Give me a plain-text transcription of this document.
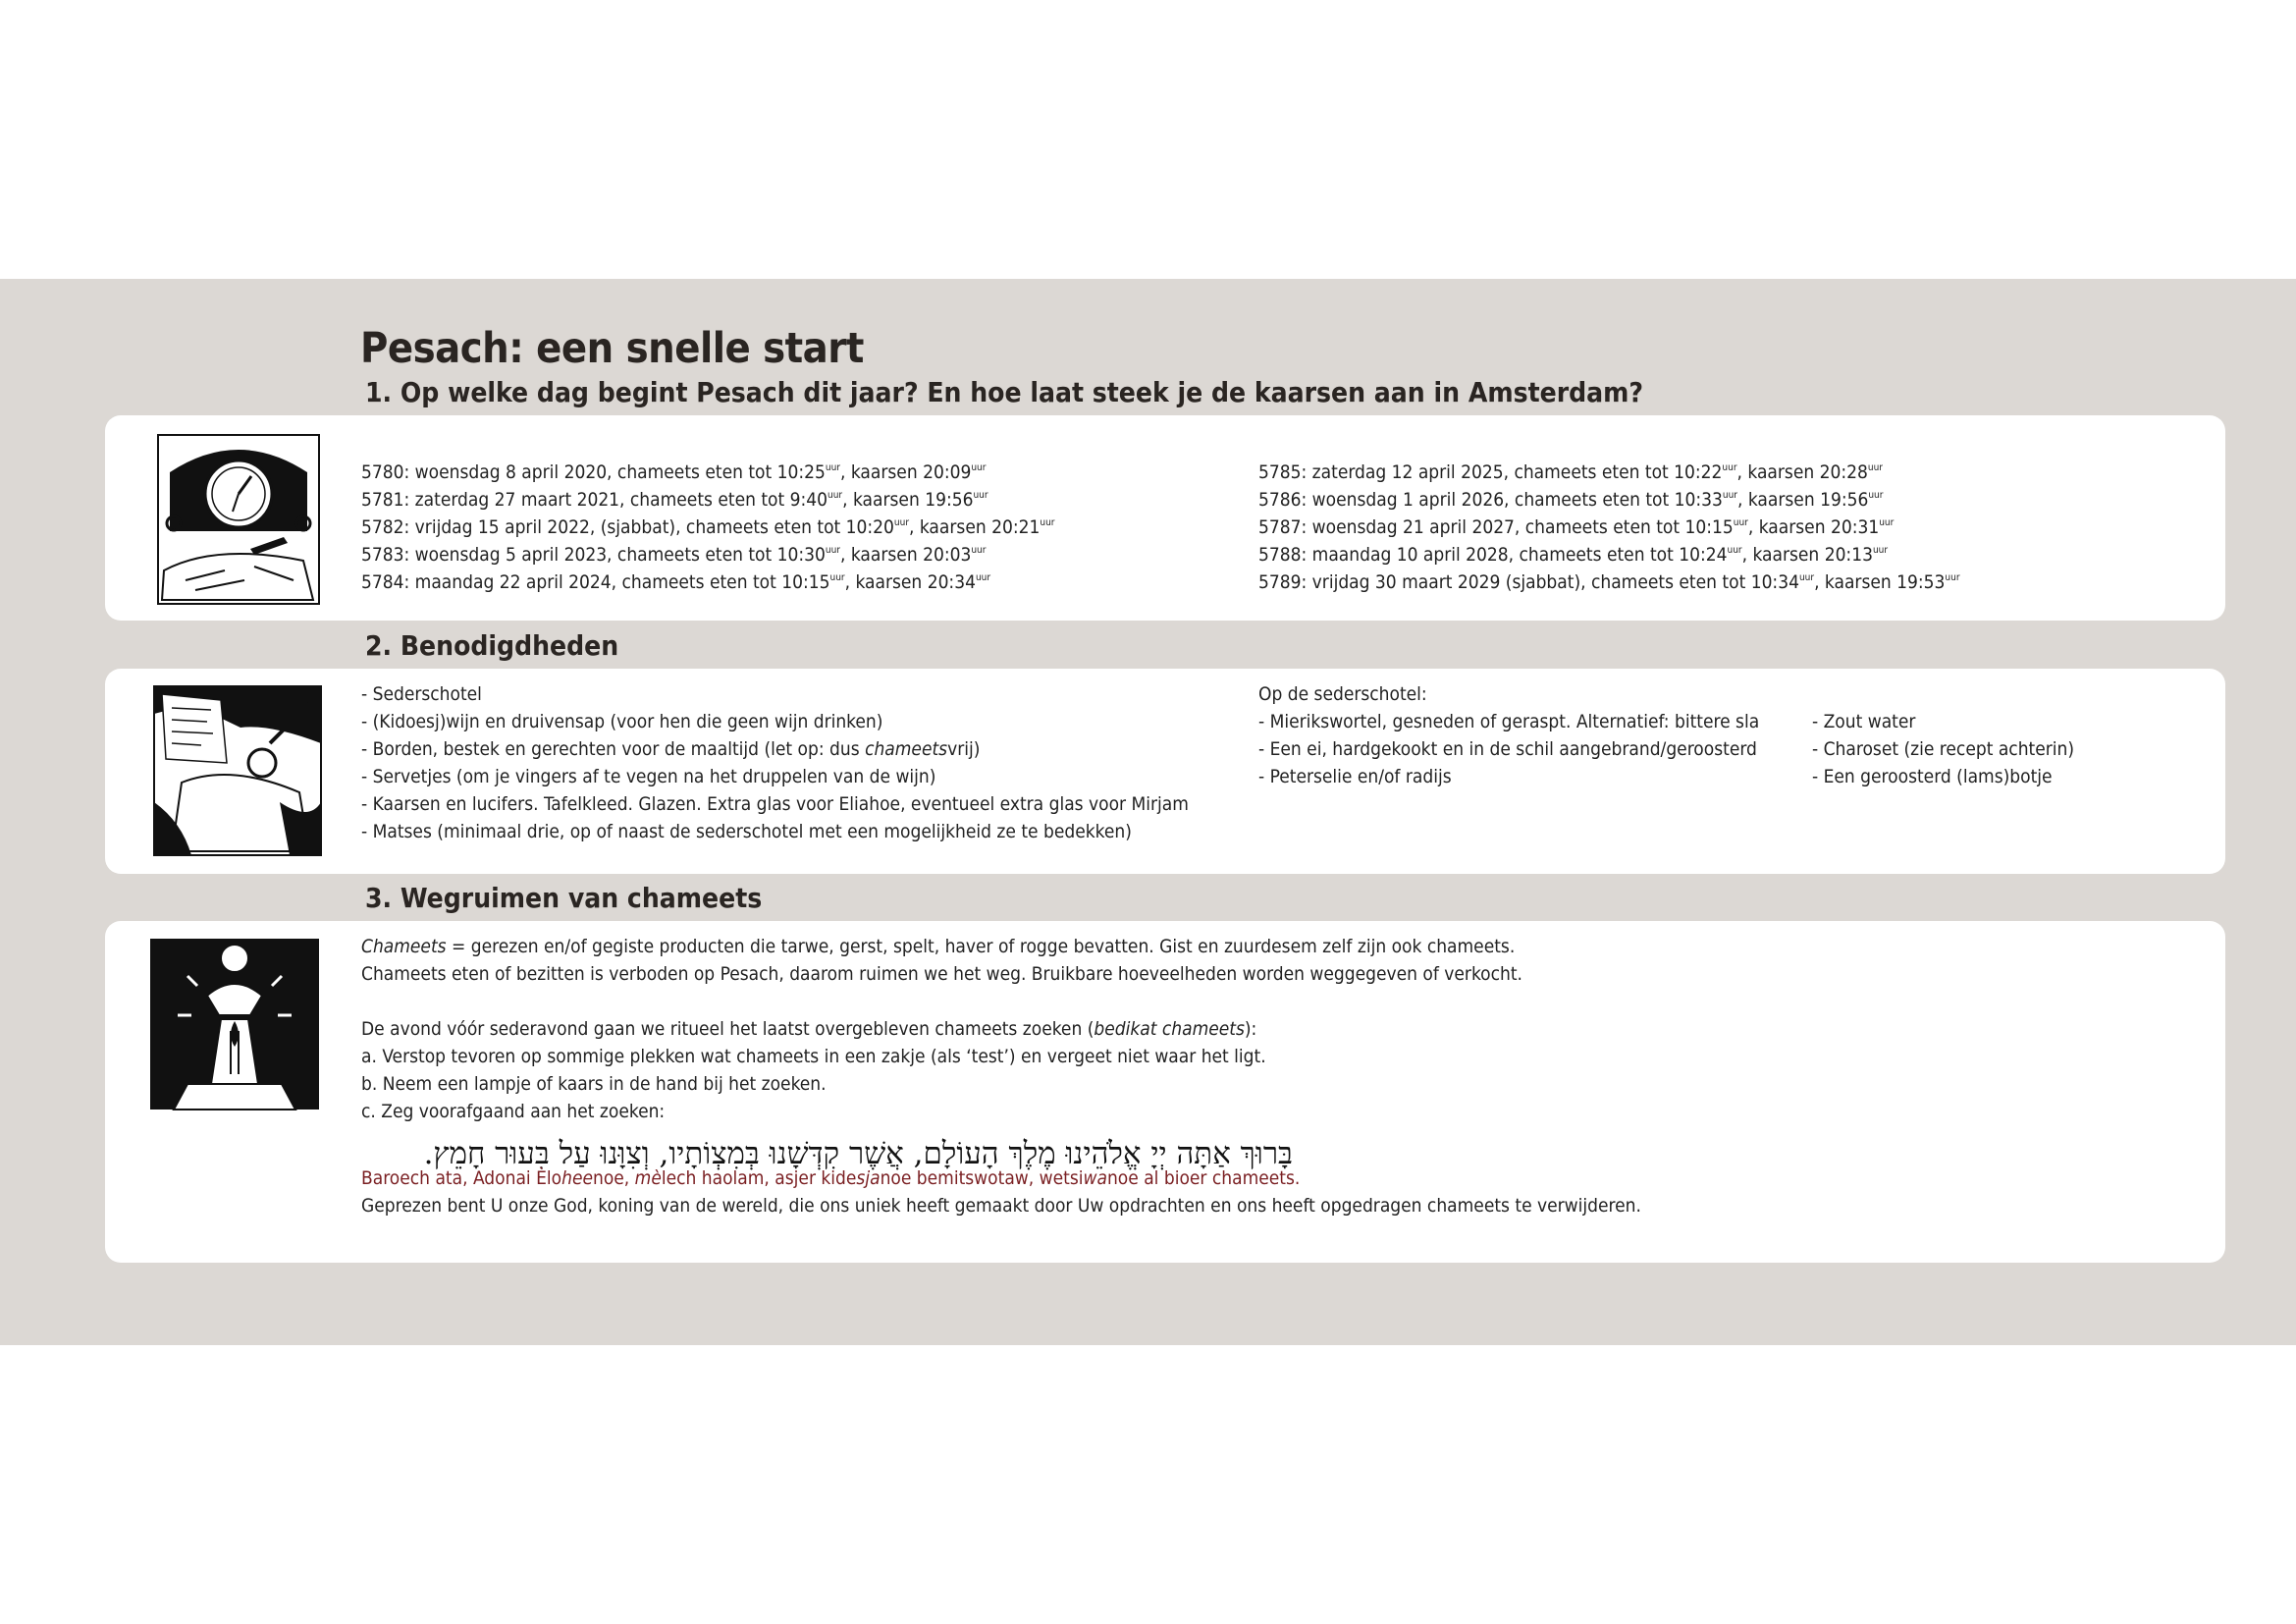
Pesach: een snelle start
1. Op welke dag begint Pesach dit jaar? En hoe laat steek je de kaarsen aan in Amsterdam?
5780: woensdag 8 april 2020, chameets eten tot $10:25^{uur}$, kaarsen $20:09^{uur}$
5781: zaterdag 27 maart 2021, chameets eten tot $9:40^{uur}$, kaarsen $19:56^{uur}$
5782: vrijdag 15 april 2022, (sjabbat), chameets eten tot $10:20^{uur}$, kaarsen $20:21^{uur}$
5783: woensdag 5 april 2023, chameets eten tot $10:30^{uur}$, kaarsen $20:03^{uur}$
5784: maandag 22 april 2024, chameets eten tot $10:15^{uur}$, kaarsen $20:34^{uur}$
5785: zaterdag 12 april 2025, chameets eten tot $10:22^{uur}$, kaarsen $20:28^{uur}$
5786: woensdag 1 april 2026, chameets eten tot $10:33^{uur}$, kaarsen $19:56^{uur}$
5787: woensdag 21 april 2027, chameets eten tot $10:15^{uur}$, kaarsen $20:31^{uur}$
5788: maandag 10 april 2028, chameets eten tot $10:24^{uur}$, kaarsen $20:13^{uur}$
5789: vrijdag 30 maart 2029 (sjabbat), chameets eten tot $10:34^{uur}$, kaarsen $19:53^{uur}$
2. Benodigdheden
- Sederschotel
- (Kidoesj)wijn en druivensap (voor hen die geen wijn drinken)
- Borden, bestek en gerechten voor de maaltijd (let op: dus chameetsvrij)
- Servetjes (om je vingers af te vegen na het druppelen van de wijn)
- Kaarsen en lucifers. Tafelkleed. Glazen. Extra glas voor Eliahoe, eventueel extra glas voor Mirjam
- Matses (minimaal drie, op of naast de sederschotel met een mogelijkheid ze te bedekken)
Op de sederschotel:
- Mierikswortel, gesneden of geraspt. Alternatief: bittere sla
- Een ei, hardgekookt en in de schil aangebrand/geroosterd
- Peterselie en/of radijs
- Zout water
- Charoset (zie recept achterin)
- Een geroosterd (lams)botje
3. Wegruimen van chameets
Chameets = gerezen en/of gegiste producten die tarwe, gerst, spelt, haver of rogge bevatten. Gist en zuurdesem zelf zijn ook chameets.
Chameets eten of bezitten is verboden op Pesach, daarom ruimen we het weg. Bruikbare hoeveelheden worden weggegeven of verkocht.
De avond vóór sederavond gaan we ritueel het laatst overgebleven chameets zoeken (bedikat chameets):
a. Verstop tevoren op sommige plekken wat chameets in een zakje (als ‘test’) en vergeet niet waar het ligt.
b. Neem een lampje of kaars in de hand bij het zoeken.
c. Zeg voorafgaand aan het zoeken:
בָּרוּךְ אַתָּה יְיָ אֱלֹהֵינוּ מֶלֶךְ הָעוֹלָם, אֲשֶׁר קִדְּשָׁנוּ בְּמִצְוֹתָיו, וְצִוָּנוּ עַל בִּעוּר חָמֵץ.
Baroech ata, Adonai Èloheenoe, mèlech haolam, asjer kidesjanoe bemitswotaw, wetsiwanoe al bioer chameets.
Geprezen bent U onze God, koning van de wereld, die ons uniek heeft gemaakt door Uw opdrachten en ons heeft opgedragen chameets te verwijderen.
